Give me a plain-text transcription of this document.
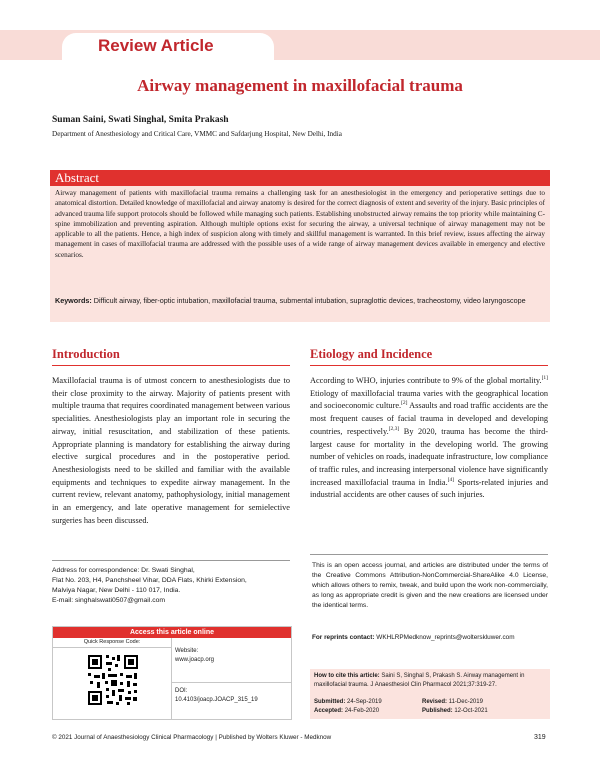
Review Article
Airway management in maxillofacial trauma
Suman Saini, Swati Singhal, Smita Prakash
Department of Anesthesiology and Critical Care, VMMC and Safdarjung Hospital, New Delhi, India
Abstract
Airway management of patients with maxillofacial trauma remains a challenging task for an anesthesiologist in the emergency and perioperative settings due to anatomical distortion. Detailed knowledge of maxillofacial and airway anatomy is desired for the correct diagnosis of extent and severity of the injury. Basic principles of advanced trauma life support protocols should be followed while managing such patients. Establishing unobstructed airway remains the top priority while maintaining C-spine immobilization and preventing aspiration. Although multiple options exist for securing the airway, a universal technique of airway management may not be applicable to all the patients. Hence, a high index of suspicion along with timely and skillful management is warranted. In this brief review, issues affecting the airway management in cases of maxillofacial trauma are addressed with the possible uses of a wide range of airway management devices available in emergency and elective scenarios.
Keywords: Difficult airway, fiber-optic intubation, maxillofacial trauma, submental intubation, supraglottic devices, tracheostomy, video laryngoscope
Introduction
Maxillofacial trauma is of utmost concern to anesthesiologists due to their close proximity to the airway. Majority of patients present with multiple trauma that requires coordinated management between various specialities. Anesthesiologists play an important role in securing the airway, initial resuscitation, and stabilization of these patients. Appropriate planning is mandatory for establishing the airway during elective surgical procedures and in the postoperative period. Anesthesiologists need to be skilled and familiar with the available equipments and techniques to expedite airway management. In the current review, relevant anatomy, pathophysiology, initial management in an emergency, and late operative management for semielective surgeries has been discussed.
Address for correspondence: Dr. Swati Singhal,
Flat No. 203, H4, Panchsheel Vihar, DDA Flats, Khirki Extension,
Malviya Nagar, New Delhi - 110 017, India.
E-mail: singhalswati0507@gmail.com
Access this article online
Quick Response Code:
Website:
www.joacp.org
DOI:
10.4103/joacp.JOACP_315_19
Etiology and Incidence
According to WHO, injuries contribute to 9% of the global mortality.[1] Etiology of maxillofacial trauma varies with the geographical location and socioeconomic culture.[2] Assaults and road traffic accidents are the most frequent causes of facial trauma in developed and developing countries, respectively.[2,3] By 2020, trauma has become the third-largest cause for mortality in the developing world. The growing number of vehicles on roads, inadequate infrastructure, low compliance of traffic rules, and increasing interpersonal violence have significantly increased maxillofacial trauma in India.[4] Sports-related injuries and industrial accidents are other causes of such injuries.
This is an open access journal, and articles are distributed under the terms of the Creative Commons Attribution-NonCommercial-ShareAlike 4.0 License, which allows others to remix, tweak, and build upon the work non-commercially, as long as appropriate credit is given and the new creations are licensed under the identical terms.
For reprints contact: WKHLRPMedknow_reprints@wolterskluwer.com
How to cite this article: Saini S, Singhal S, Prakash S. Airway management in maxillofacial trauma. J Anaesthesiol Clin Pharmacol 2021;37:319-27.
Submitted: 24-Sep-2019	Revised: 11-Dec-2019
Accepted: 24-Feb-2020	Published: 12-Oct-2021
© 2021 Journal of Anaesthesiology Clinical Pharmacology | Published by Wolters Kluwer - Medknow	319
